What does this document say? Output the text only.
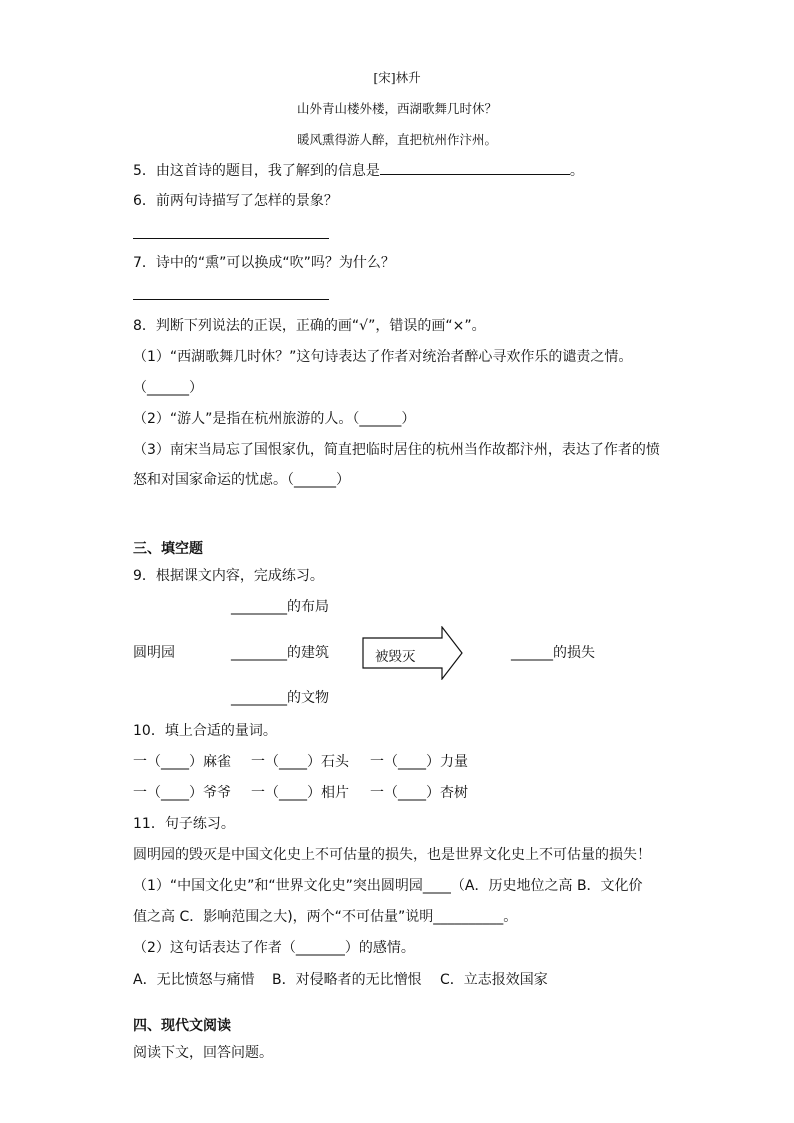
[宋]林升
山外青山楼外楼，西湖歌舞几时休？
暖风熏得游人醉，直把杭州作汴州。
5．由这首诗的题目，我了解到的信息是	。
6．前两句诗描写了怎样的景象？
7．诗中的“熏”可以换成“吹”吗？为什么？
8．判断下列说法的正误，正确的画“√”，错误的画“×”。
（1）“西湖歌舞几时休？”这句诗表达了作者对统治者醉心寻欢作乐的谴责之情。
（______）
（2）“游人”是指在杭州旅游的人。（______）
（3）南宋当局忘了国恨家仇，简直把临时居住的杭州当作故都汴州，表达了作者的愤
怒和对国家命运的忧虑。（______）
三、填空题
9．根据课文内容，完成练习。
________的布局
圆明园	________的建筑	被毁灭	______的损失
________的文物
10．填上合适的量词。
一（____）麻雀 一（____）石头 一（____）力量
一（____）爷爷 一（____）相片 一（____）杏树
11．句子练习。
圆明园的毁灭是中国文化史上不可估量的损失，也是世界文化史上不可估量的损失！
（1）“中国文化史”和“世界文化史”突出圆明园____（A．历史地位之高 B．文化价
值之高 C．影响范围之大)，两个“不可估量”说明__________。
（2）这句话表达了作者（_______）的感情。
A．无比愤怒与痛惜 B．对侵略者的无比憎恨 C．立志报效国家
四、现代文阅读
阅读下文，回答问题。
